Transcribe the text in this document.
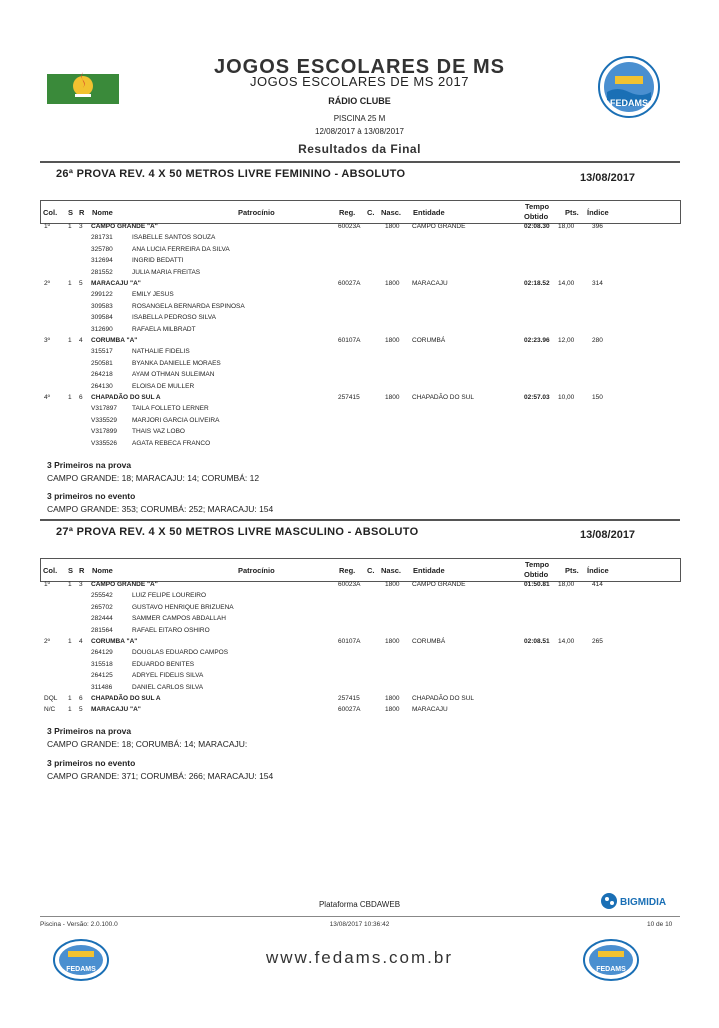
JOGOS ESCOLARES DE MS
JOGOS ESCOLARES DE MS 2017
RÁDIO CLUBE
PISCINA 25 M
12/08/2017 à 13/08/2017
Resultados da Final
FEDAMS
26ª PROVA REV. 4 X 50 METROS LIVRE FEMININO - ABSOLUTO	13/08/2017
Col. S R Nome	Patrocínio	Reg. C. Nasc. Entidade
Tempo
Obtido Pts. Índice
1º	1 3 CAMPO GRANDE "A"	60023A	1800 CAMPO GRANDE	02:08.30 18,00	396
281731	ISABELLE SANTOS SOUZA
325780	ANA LUCIA FERREIRA DA SILVA
312694	INGRID BEDATTI
281552	JULIA MARIA FREITAS
2º	1 5 MARACAJU "A"	60027A	1800 MARACAJU	02:18.52 14,00	314
299122	EMILY JESUS
309583	ROSANGELA BERNARDA ESPINOSA
309584	ISABELLA PEDROSO SILVA
312690	RAFAELA MILBRADT
3º	1 4 CORUMBA "A"	60107A	1800 CORUMBÁ	02:23.96 12,00	280
315517	NATHALIE FIDELIS
250581	BYANKA DANIELLE MORAES
264218	AYAM OTHMAN SULEIMAN
264130	ELOISA DE MULLER
4º	1 6 CHAPADÃO DO SUL A	257415	1800 CHAPADÃO DO SUL	02:57.03 10,00	150
V317897 TAILA FOLLETO LERNER
V335529 MARJORI GARCIA OLIVEIRA
V317899 THAIS VAZ LOBO
V335526 AGATA REBECA FRANCO
3 Primeiros na prova
CAMPO GRANDE: 18; MARACAJU: 14; CORUMBÁ: 12
3 primeiros no evento
CAMPO GRANDE: 353; CORUMBÁ: 252; MARACAJU: 154
27ª PROVA REV. 4 X 50 METROS LIVRE MASCULINO - ABSOLUTO	13/08/2017
Col. S R Nome	Patrocínio	Reg. C. Nasc. Entidade
Tempo
Obtido Pts. Índice
1º	1 3 CAMPO GRANDE "A"	60023A	1800 CAMPO GRANDE	01:50.81 18,00	414
255542	LUIZ FELIPE LOUREIRO
265702	GUSTAVO HENRIQUE BRIZUENA
282444	SAMMER CAMPOS ABDALLAH
281564	RAFAEL EITARO OSHIRO
2º	1 4 CORUMBA "A"	60107A	1800 CORUMBÁ	02:08.51 14,00	265
264129	DOUGLAS EDUARDO CAMPOS
315518	EDUARDO BENITES
264125	ADRYEL FIDELIS SILVA
311486	DANIEL CARLOS SILVA
DQL 1 6 CHAPADÃO DO SUL A	257415	1800 CHAPADÃO DO SUL
N/C 1 5 MARACAJU "A"	60027A	1800 MARACAJU
3 Primeiros na prova
CAMPO GRANDE: 18; CORUMBÁ: 14; MARACAJU:
3 primeiros no evento
CAMPO GRANDE: 371; CORUMBÁ: 266; MARACAJU: 154
Plataforma CBDAWEB	BIGMIDIA
Piscina - Versão: 2.0.100.0	13/08/2017 10:36:42	10 de 10
FEDAMS
www.fedams.com.br
FEDAMS
